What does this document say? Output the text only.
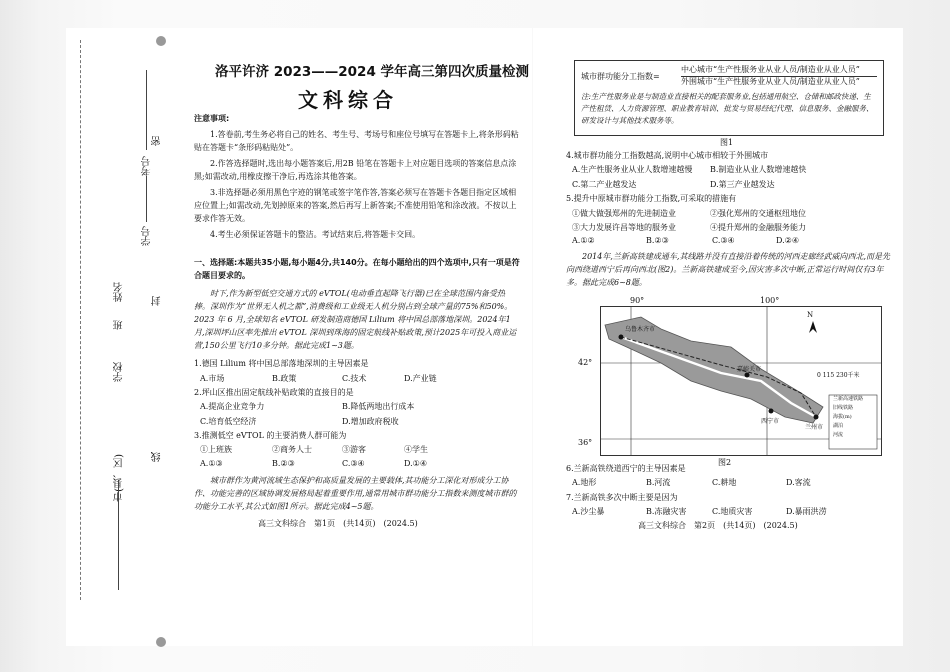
考号
学号
姓名
班
学校
市(县、区)
密
封
线
洛平许济 2023——2024 学年高三第四次质量检测
文科综合
注意事项:
1.答卷前,考生务必将自己的姓名、考生号、考场号和座位号填写在答题卡上,将条形码粘贴在答题卡“条形码粘贴处”。
2.作答选择题时,选出每小题答案后,用2B 铅笔在答题卡上对应题目选项的答案信息点涂黑;如需改动,用橡皮擦干净后,再选涂其他答案。
3.非选择题必须用黑色字迹的钢笔或签字笔作答,答案必须写在答题卡各题目指定区域相应位置上;如需改动,先划掉原来的答案,然后再写上新答案;不准使用铅笔和涂改液。不按以上要求作答无效。
4.考生必须保证答题卡的整洁。考试结束后,将答题卡交回。
一、选择题:本题共35小题,每小题4分,共140分。在每小题给出的四个选项中,只有一项是符合题目要求的。
时下,作为新型低空交通方式的 eVTOL(电动垂直起降飞行器)已在全球范围内备受热捧。深圳作为“世界无人机之都”,消费级和工业级无人机分别占到全球产量的75%和50%。2023 年 6 月,全球知名 eVTOL 研发制造商德国 Lilium 将中国总部落地深圳。2024年1月,深圳坪山区率先推出 eVTOL 深圳到珠海的固定航线补贴政策,预计2025年可投入商业运营,150公里飞行10多分钟。据此完成1~3题。
1.德国 Lilium 将中国总部落地深圳的主导因素是
A.市场	B.政策	C.技术	D.产业链
2.坪山区推出固定航线补贴政策的直接目的是
A.提高企业竞争力	B.降低两地出行成本
C.培育低空经济	D.增加政府税收
3.推测低空 eVTOL 的主要消费人群可能为
①上班族	②商务人士	③游客	④学生
A.①③	B.②③	C.③④	D.①④
城市群作为黄河流域生态保护和高质量发展的主要载体,其功能分工深化对形成分工协作、功能完善的区域协调发展格局起着重要作用,通常用城市群功能分工指数来测度城市群的功能分工水平,其公式如图1所示。据此完成4~5题。
高三文科综合　第1页　(共14页)　(2024.5)
城市群功能分工指数=
中心城市“生产性服务业从业人员/制造业从业人员”
外围城市“生产性服务业从业人员/制造业从业人员”
注:生产性服务业是与制造业直接相关的配套服务业,包括通用航空、仓储和邮政快递、生产性租赁、人力资源管理、职业教育培训、批发与贸易经纪代理、信息服务、金融服务、研发设计与其他技术服务等。
图1
4.城市群功能分工指数越高,说明中心城市相较于外围城市
A.生产性服务业从业人数增速越慢 B.制造业从业人数增速越快
C.第二产业越发达	D.第三产业越发达
5.提升中原城市群功能分工指数,可采取的措施有
①做大做强郑州的先进制造业	②强化郑州的交通枢纽地位
③大力发展许昌等地的服务业	④提升郑州的金融服务能力
A.①②	B.②③	C.③④	D.②④
2014年,兰新高铁建成通车,其线路并没有直接沿着传统的河西走廊经武威向西北,而是先向西绕道西宁后再向西北(图2)。兰新高铁建成至今,因灾害多次中断,正常运行时间仅有3年多。据此完成6~8题。
90°	100°
42°
36°
乌鲁木齐市
嘉峪关市
西宁市
兰州市
N
0 115 230千米
兰新高速铁路
旧线铁路
海拔(m)
湖泊
河流
图2
6.兰新高铁绕道西宁的主导因素是
A.地形	B.河流	C.耕地	D.客流
7.兰新高铁多次中断主要是因为
A.沙尘暴	B.冻融灾害	C.地质灾害	D.暴雨洪涝
高三文科综合　第2页　(共14页)　(2024.5)
